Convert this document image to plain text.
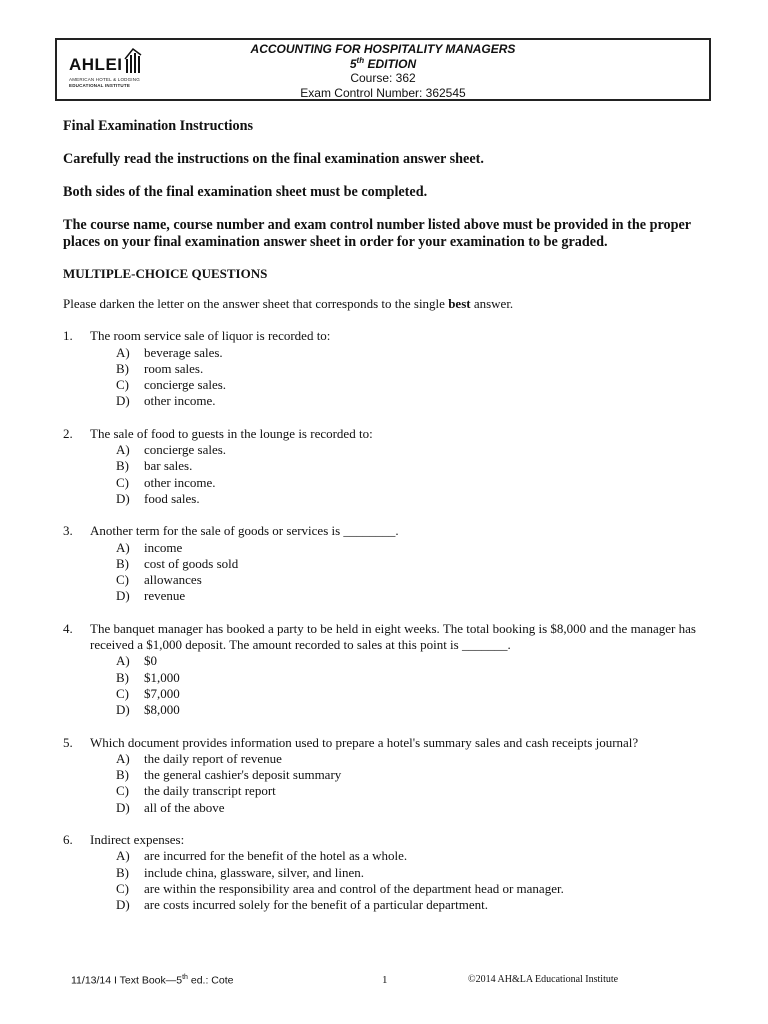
AHLEI
AMERICAN HOTEL & LODGING
EDUCATIONAL INSTITUTE
ACCOUNTING FOR HOSPITALITY MANAGERS
5th EDITION
Course: 362
Exam Control Number: 362545

Final Examination Instructions

Carefully read the instructions on the final examination answer sheet.

Both sides of the final examination sheet must be completed.

The course name, course number and exam control number listed above must be provided in the proper places on your final examination answer sheet in order for your examination to be graded.

MULTIPLE-CHOICE QUESTIONS

Please darken the letter on the answer sheet that corresponds to the single best answer.

1. The room service sale of liquor is recorded to:
A) beverage sales.
B) room sales.
C) concierge sales.
D) other income.
2. The sale of food to guests in the lounge is recorded to:
A) concierge sales.
B) bar sales.
C) other income.
D) food sales.
3. Another term for the sale of goods or services is ________.
A) income
B) cost of goods sold
C) allowances
D) revenue
4. The banquet manager has booked a party to be held in eight weeks. The total booking is $8,000 and the manager has received a $1,000 deposit. The amount recorded to sales at this point is _______.
A) $0
B) $1,000
C) $7,000
D) $8,000
5. Which document provides information used to prepare a hotel's summary sales and cash receipts journal?
A) the daily report of revenue
B) the general cashier's deposit summary
C) the daily transcript report
D) all of the above
6. Indirect expenses:
A) are incurred for the benefit of the hotel as a whole.
B) include china, glassware, silver, and linen.
C) are within the responsibility area and control of the department head or manager.
D) are costs incurred solely for the benefit of a particular department.
11/13/14 I Text Book—5th ed.: Cote	1	©2014 AH&LA Educational Institute
